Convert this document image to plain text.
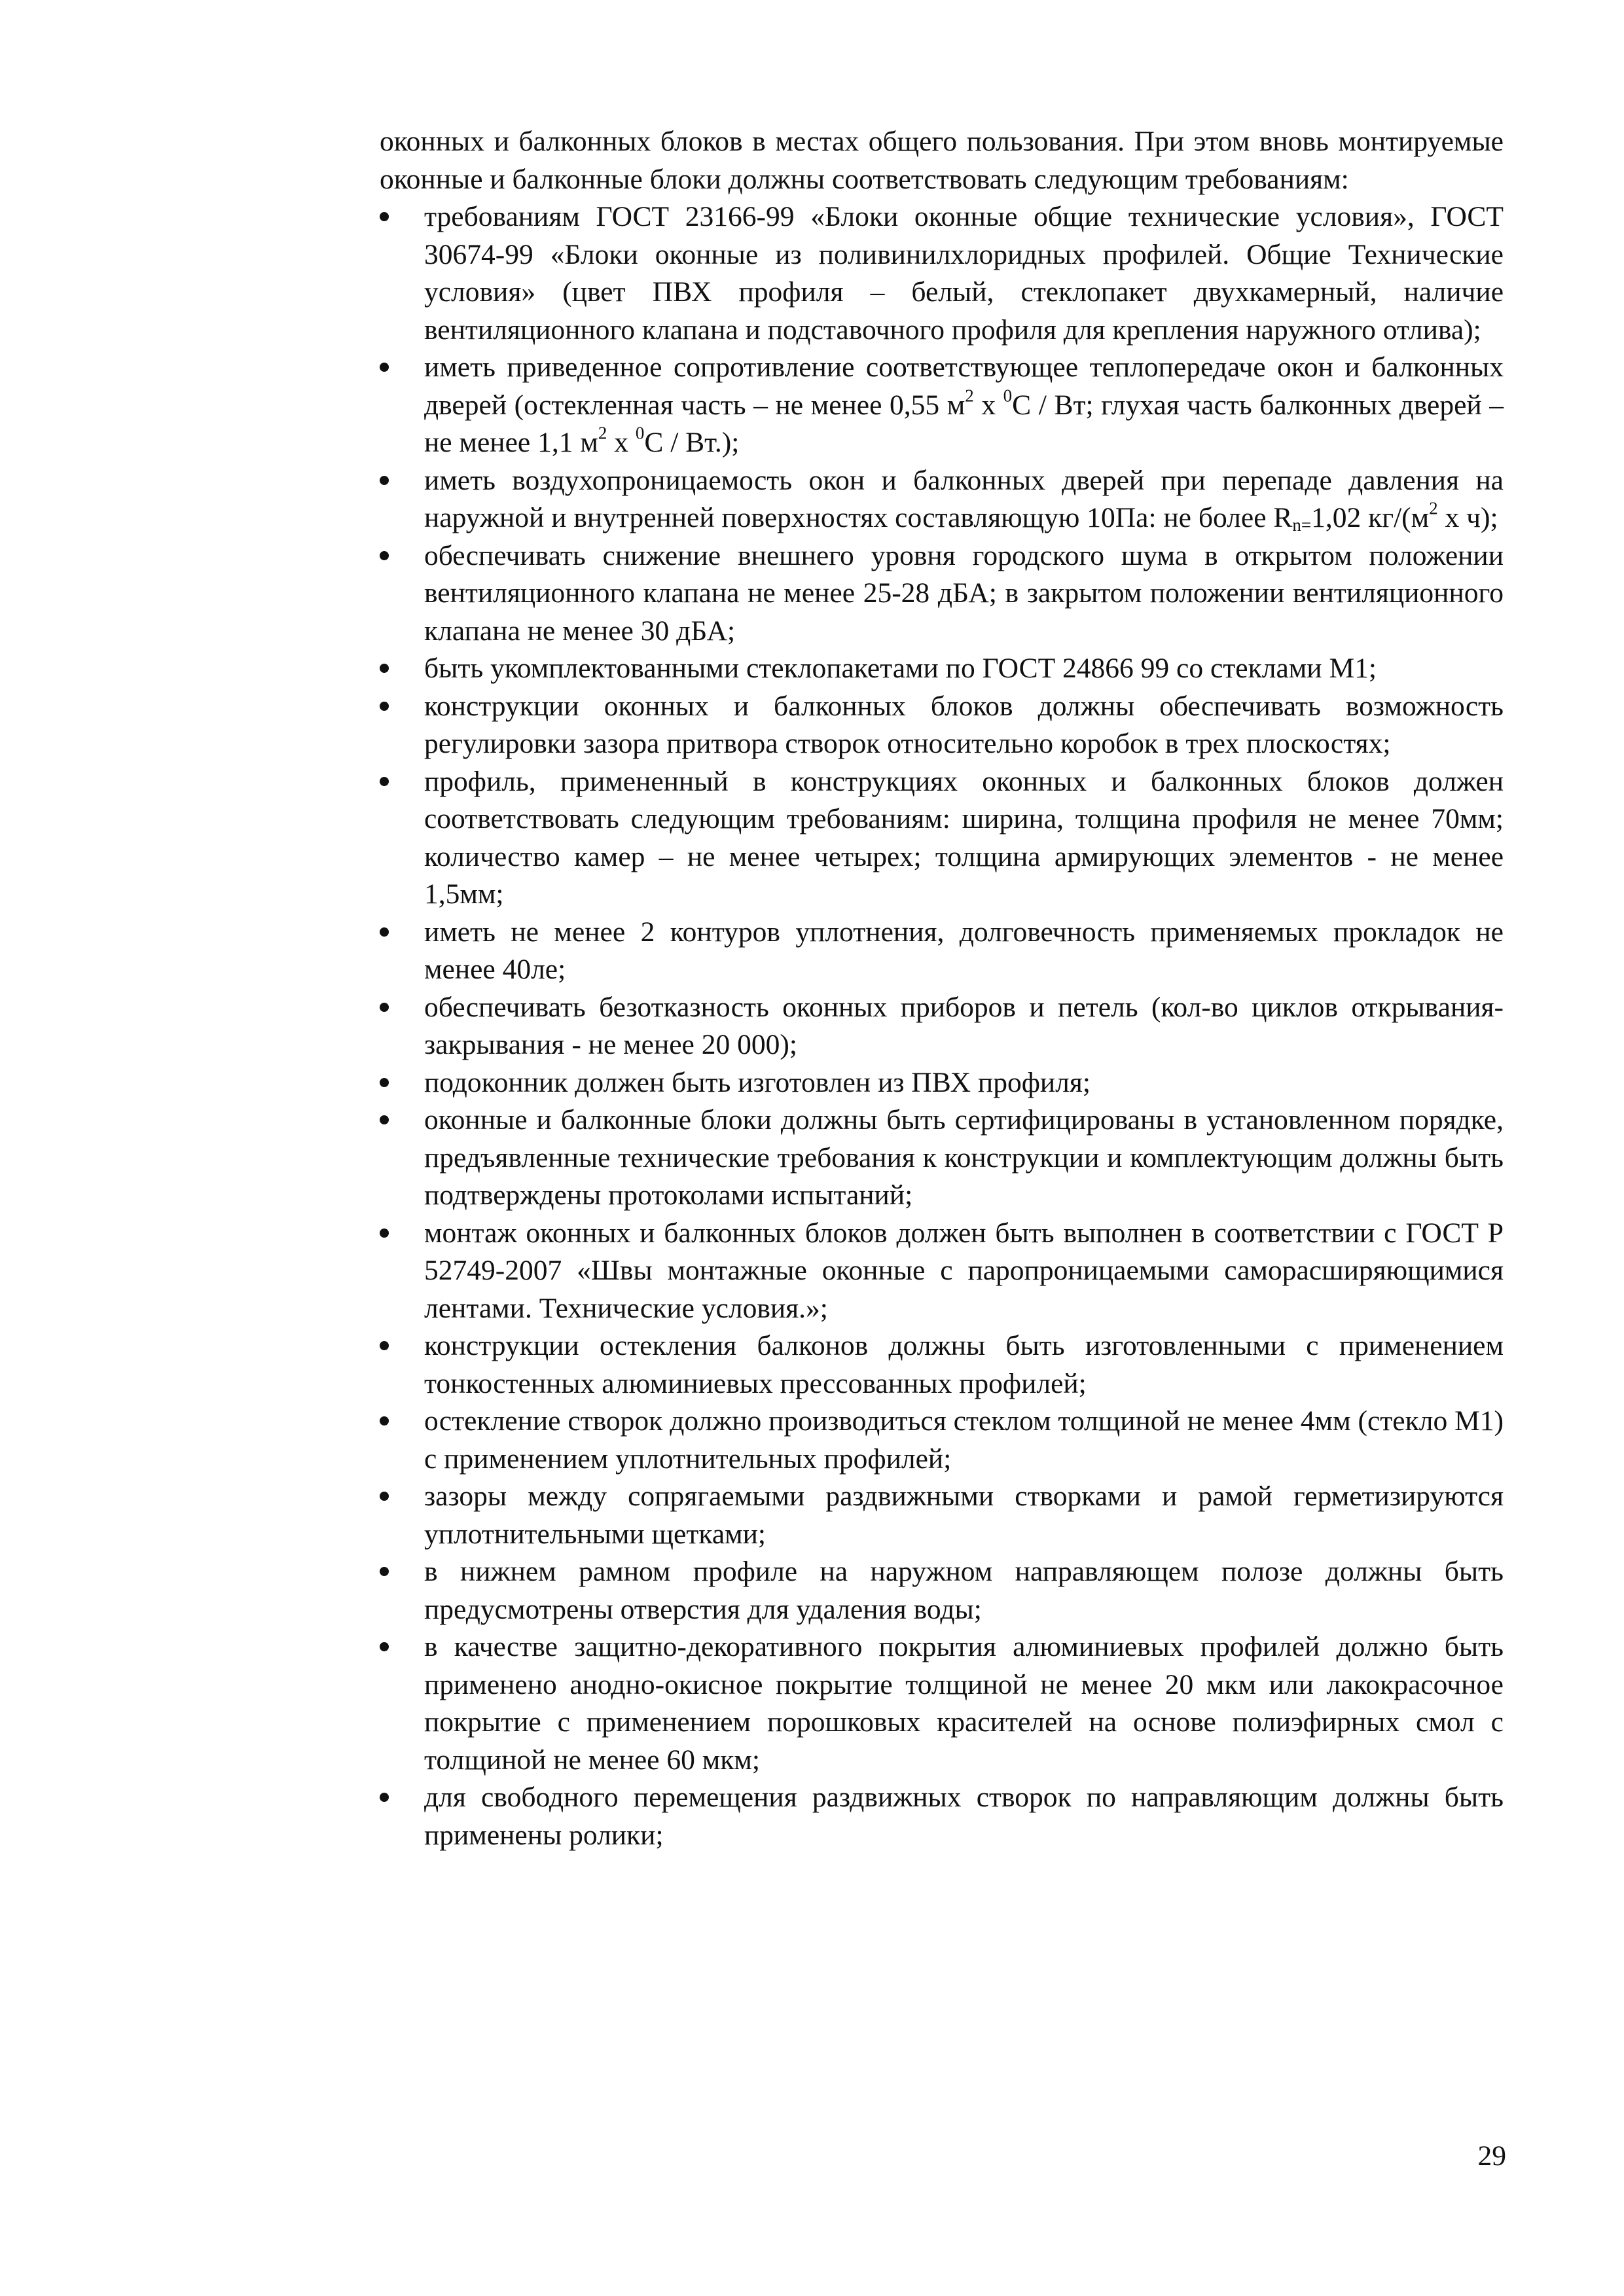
оконных и балконных блоков в местах общего пользования. При этом вновь монтируемые оконные и балконные блоки должны соответствовать следующим требованиям:

требованиям ГОСТ 23166-99 «Блоки оконные общие технические условия», ГОСТ 30674-99 «Блоки оконные из поливинилхлоридных профилей. Общие Технические условия» (цвет ПВХ профиля – белый, стеклопакет двухкамерный, наличие вентиляционного клапана и подставочного профиля для крепления наружного отлива);
иметь приведенное сопротивление соответствующее теплопередаче окон и балконных дверей (остекленная часть – не менее 0,55 $м^2$ х $^0$С / Вт; глухая часть балконных дверей – не менее 1,1 $м^2$ х $^0$С / Вт.);
иметь воздухопроницаемость окон и балконных дверей при перепаде давления на наружной и внутренней поверхностях составляющую 10Па: не более $R_{n=}1,02$ $кг/(м^2$ х ч);
обеспечивать снижение внешнего уровня городского шума в открытом положении вентиляционного клапана не менее 25-28 дБА; в закрытом положении вентиляционного клапана не менее 30 дБА;
быть укомплектованными стеклопакетами по ГОСТ 24866 99 со стеклами М1;
конструкции оконных и балконных блоков должны обеспечивать возможность регулировки зазора притвора створок относительно коробок в трех плоскостях;
профиль, примененный в конструкциях оконных и балконных блоков должен соответствовать следующим требованиям: ширина, толщина профиля не менее 70мм; количество камер – не менее четырех; толщина армирующих элементов - не менее 1,5мм;
иметь не менее 2 контуров уплотнения, долговечность применяемых прокладок не менее 40ле;
обеспечивать безотказность оконных приборов и петель (кол-во циклов открывания-закрывания - не менее 20 000);
подоконник должен быть изготовлен из ПВХ профиля;
оконные и балконные блоки должны быть сертифицированы в установленном порядке, предъявленные технические требования к конструкции и комплектующим должны быть подтверждены протоколами испытаний;
монтаж оконных и балконных блоков должен быть выполнен в соответствии с ГОСТ Р 52749-2007 «Швы монтажные оконные с паропроницаемыми саморасширяющимися лентами. Технические условия.»;
конструкции остекления балконов должны быть изготовленными с применением тонкостенных алюминиевых прессованных профилей;
остекление створок должно производиться стеклом толщиной не менее 4мм (стекло М1) с применением уплотнительных профилей;
зазоры между сопрягаемыми раздвижными створками и рамой герметизируются уплотнительными щетками;
в нижнем рамном профиле на наружном направляющем полозе должны быть предусмотрены отверстия для удаления воды;
в качестве защитно-декоративного покрытия алюминиевых профилей должно быть применено анодно-окисное покрытие толщиной не менее 20 мкм или лакокрасочное покрытие с применением порошковых красителей на основе полиэфирных смол с толщиной не менее 60 мкм;
для свободного перемещения раздвижных створок по направляющим должны быть применены ролики;
29
